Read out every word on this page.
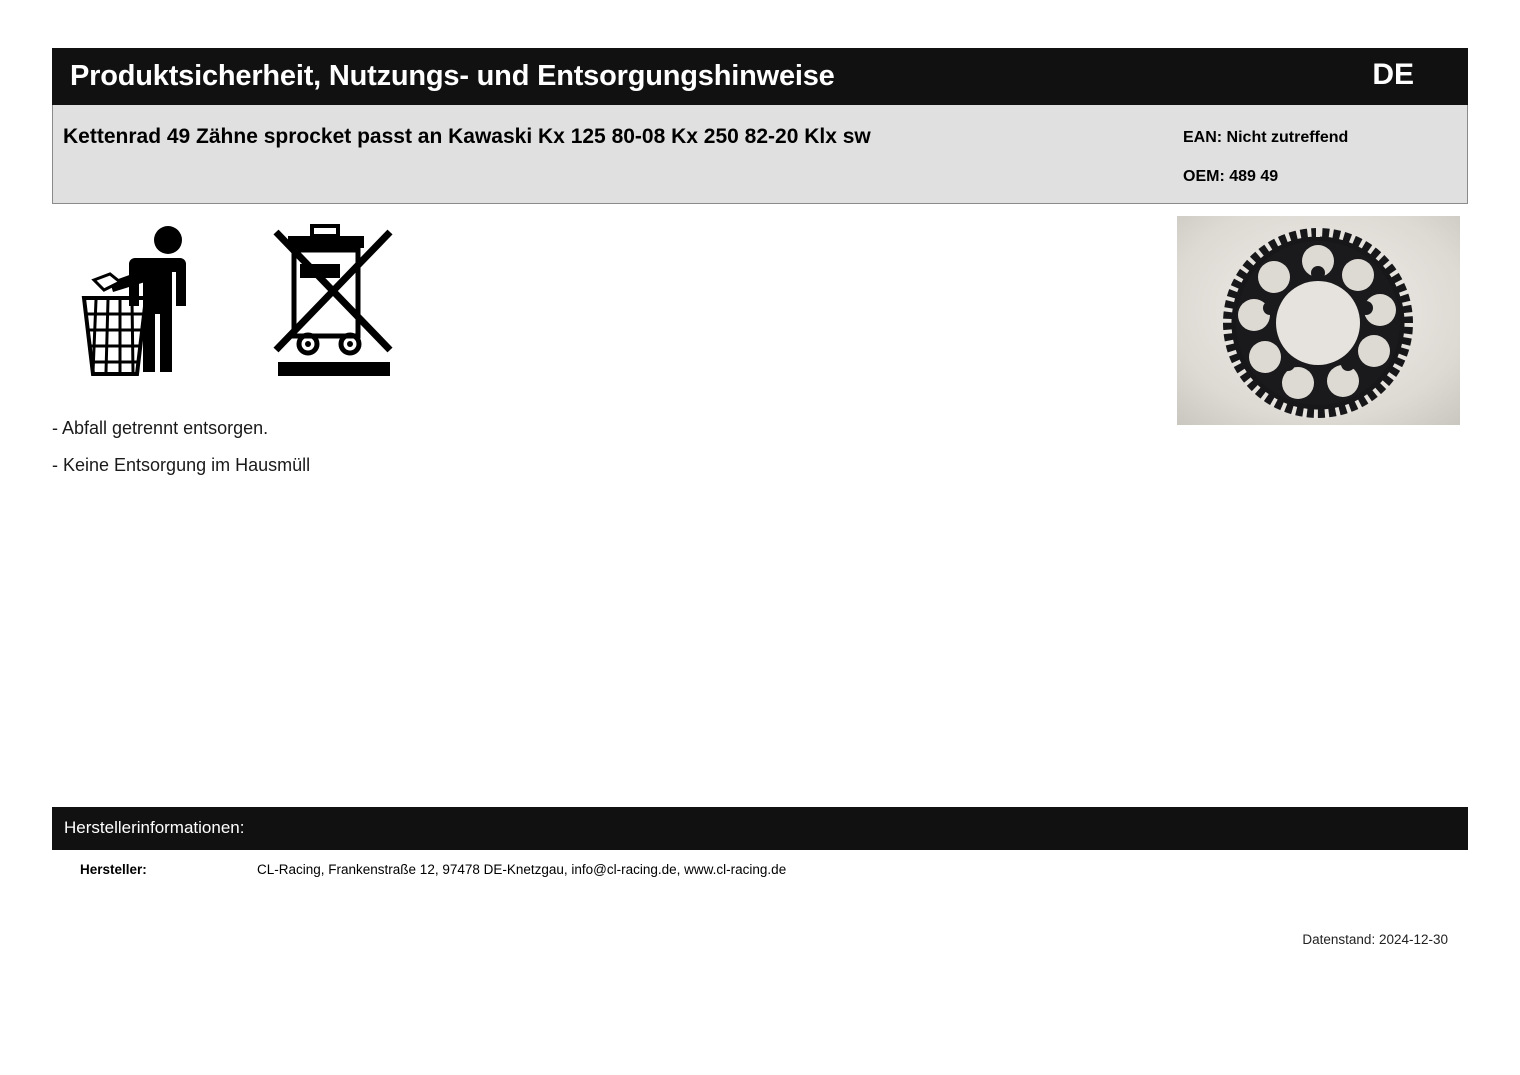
Produktsicherheit, Nutzungs- und Entsorgungshinweise	DE
Kettenrad 49 Zähne sprocket passt an Kawaski Kx 125 80-08 Kx 250 82-20 Klx sw	EAN: Nicht zutreffend
OEM: 489 49
- Abfall getrennt entsorgen.
- Keine Entsorgung im Hausmüll
Herstellerinformationen:
Hersteller:	CL-Racing, Frankenstraße 12, 97478 DE-Knetzgau, info@cl-racing.de, www.cl-racing.de
Datenstand: 2024-12-30
